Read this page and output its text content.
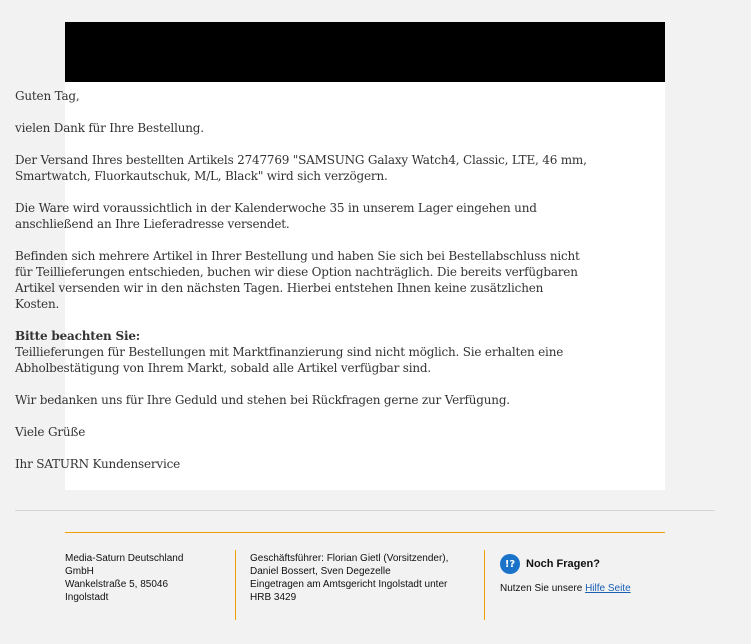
Guten Tag,

vielen Dank für Ihre Bestellung.

Der Versand Ihres bestellten Artikels 2747769 "SAMSUNG Galaxy Watch4, Classic, LTE, 46 mm, Smartwatch, Fluorkautschuk, M/L, Black" wird sich verzögern.

Die Ware wird voraussichtlich in der Kalenderwoche 35 in unserem Lager eingehen und anschließend an Ihre Lieferadresse versendet.

Befinden sich mehrere Artikel in Ihrer Bestellung und haben Sie sich bei Bestellabschluss nicht für Teillieferungen entschieden, buchen wir diese Option nachträglich. Die bereits verfügbaren Artikel versenden wir in den nächsten Tagen. Hierbei entstehen Ihnen keine zusätzlichen Kosten.

Bitte beachten Sie:

Teillieferungen für Bestellungen mit Marktfinanzierung sind nicht möglich. Sie erhalten eine Abholbestätigung von Ihrem Markt, sobald alle Artikel verfügbar sind.

Wir bedanken uns für Ihre Geduld und stehen bei Rückfragen gerne zur Verfügung.

Viele Grüße

Ihr SATURN Kundenservice

Media-Saturn Deutschland GmbH
Wankelstraße 5, 85046 Ingolstadt
Geschäftsführer: Florian Gietl (Vorsitzender), Daniel Bossert, Sven Degezelle
Eingetragen am Amtsgericht Ingolstadt unter HRB 3429
!? Noch Fragen?
Nutzen Sie unsere Hilfe Seite
